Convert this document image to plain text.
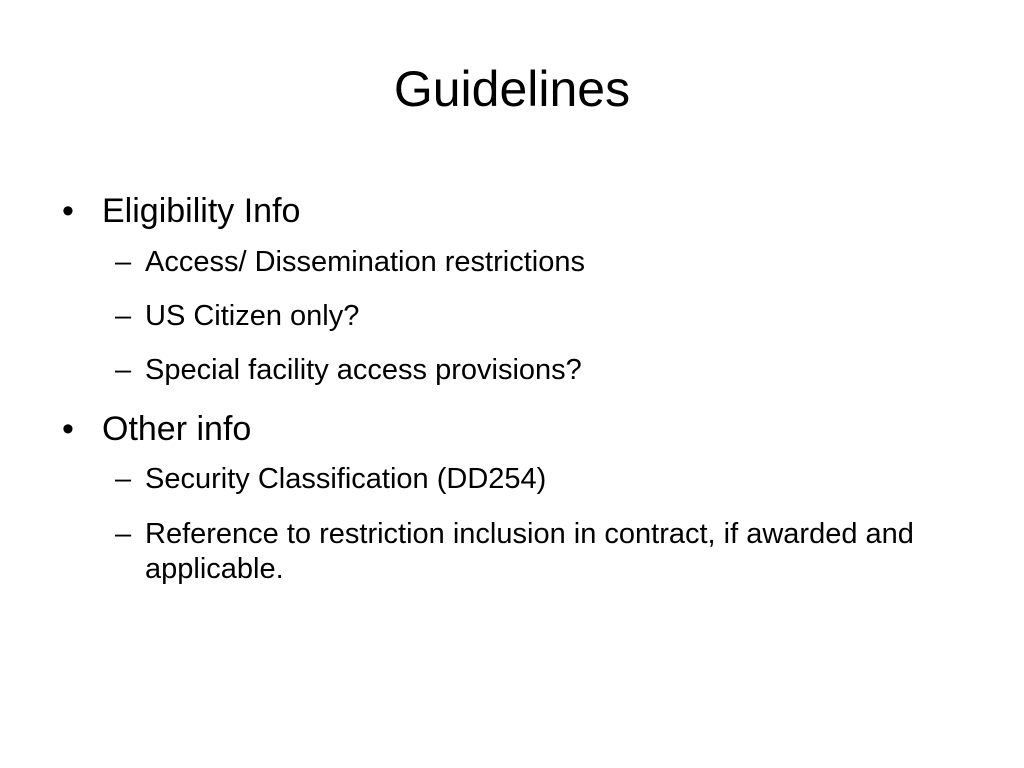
Guidelines
• Eligibility Info
– Access/ Dissemination restrictions
– US Citizen only?
– Special facility access provisions?
• Other info
– Security Classification (DD254)
– Reference to restriction inclusion in contract, if awarded and applicable.
